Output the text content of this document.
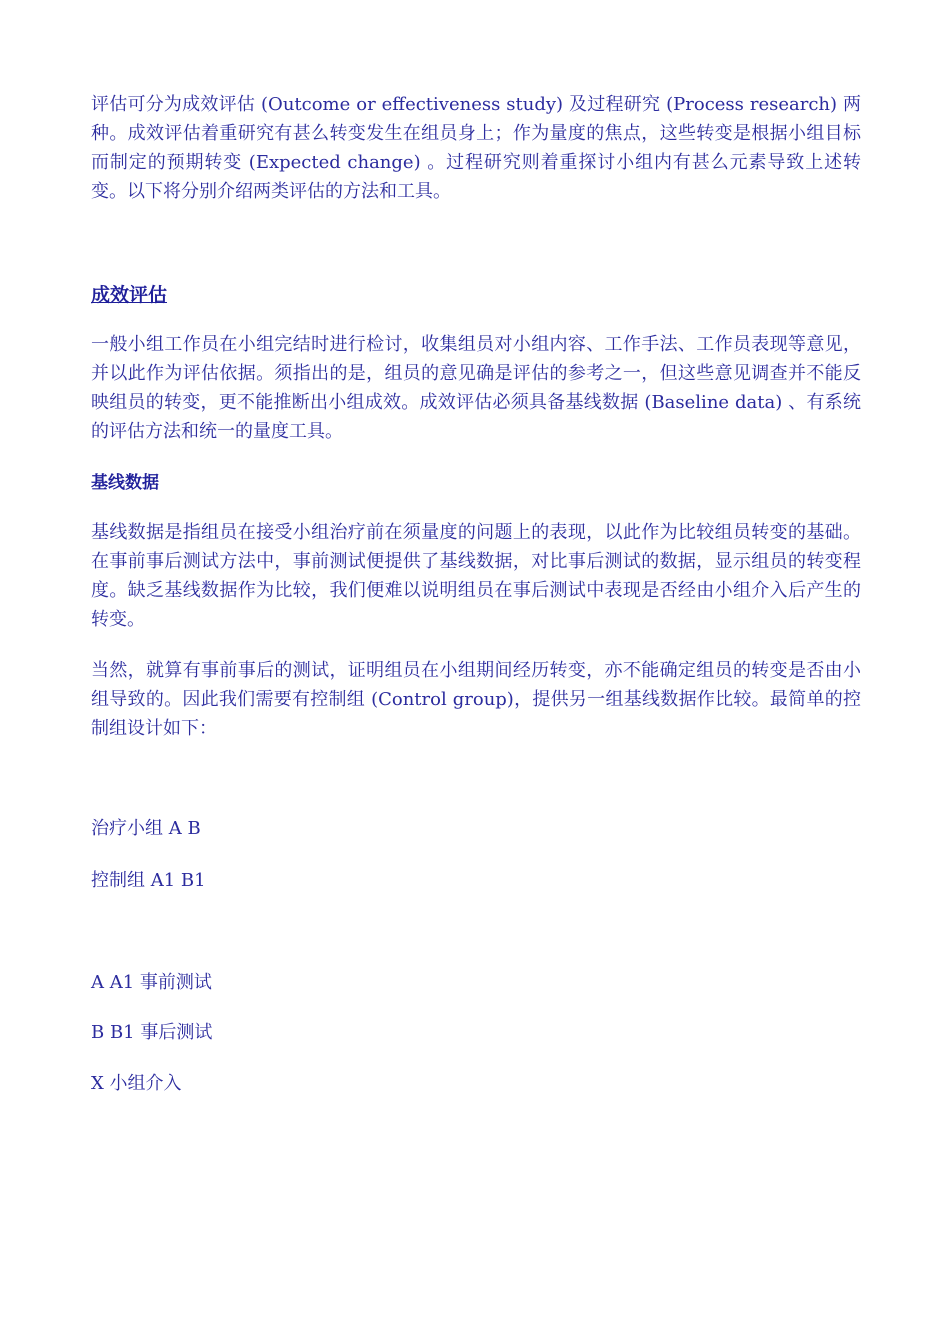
评估可分为成效评估 (Outcome or effectiveness study) 及过程研究 (Process research) 两种。成效评估着重研究有甚么转变发生在组员身上；作为量度的焦点，这些转变是根据小组目标而制定的预期转变 (Expected change) 。过程研究则着重探讨小组内有甚么元素导致上述转变。以下将分别介绍两类评估的方法和工具。

成效评估

一般小组工作员在小组完结时进行检讨，收集组员对小组内容、工作手法、工作员表现等意见，并以此作为评估依据。须指出的是，组员的意见确是评估的参考之一，但这些意见调查并不能反映组员的转变，更不能推断出小组成效。成效评估必须具备基线数据 (Baseline data) 、有系统的评估方法和统一的量度工具。

基线数据

基线数据是指组员在接受小组治疗前在须量度的问题上的表现，以此作为比较组员转变的基础。在事前事后测试方法中，事前测试便提供了基线数据，对比事后测试的数据，显示组员的转变程度。缺乏基线数据作为比较，我们便难以说明组员在事后测试中表现是否经由小组介入后产生的转变。

当然，就算有事前事后的测试，证明组员在小组期间经历转变，亦不能确定组员的转变是否由小组导致的。因此我们需要有控制组 (Control group)，提供另一组基线数据作比较。最简单的控制组设计如下：

治疗小组 A B

控制组 A1 B1

A A1 事前测试

B B1 事后测试

X 小组介入
